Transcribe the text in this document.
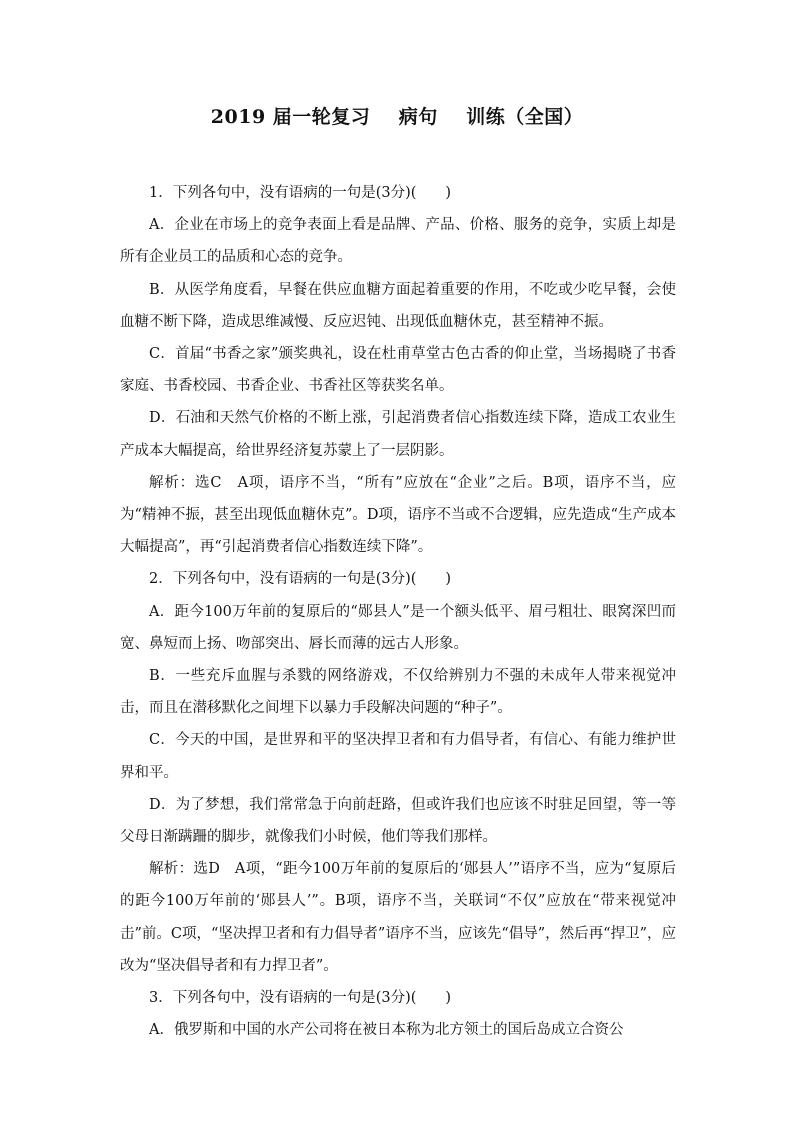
2019 届一轮复习    病句    训练（全国）

1．下列各句中，没有语病的一句是(3分)(　　)

A．企业在市场上的竞争表面上看是品牌、产品、价格、服务的竞争，实质上却是所有企业员工的品质和心态的竞争。

B．从医学角度看，早餐在供应血糖方面起着重要的作用，不吃或少吃早餐，会使血糖不断下降，造成思维减慢、反应迟钝、出现低血糖休克，甚至精神不振。

C．首届“书香之家”颁奖典礼，设在杜甫草堂古色古香的仰止堂，当场揭晓了书香家庭、书香校园、书香企业、书香社区等获奖名单。

D．石油和天然气价格的不断上涨，引起消费者信心指数连续下降，造成工农业生产成本大幅提高，给世界经济复苏蒙上了一层阴影。

解析：选C　A项，语序不当，“所有”应放在“企业”之后。B项，语序不当，应为“精神不振，甚至出现低血糖休克”。D项，语序不当或不合逻辑，应先造成“生产成本大幅提高”，再“引起消费者信心指数连续下降”。

2．下列各句中，没有语病的一句是(3分)(　　)

A．距今100万年前的复原后的“郧县人”是一个额头低平、眉弓粗壮、眼窝深凹而宽、鼻短而上扬、吻部突出、唇长而薄的远古人形象。

B．一些充斥血腥与杀戮的网络游戏，不仅给辨别力不强的未成年人带来视觉冲击，而且在潜移默化之间埋下以暴力手段解决问题的“种子”。

C．今天的中国，是世界和平的坚决捍卫者和有力倡导者，有信心、有能力维护世界和平。

D．为了梦想，我们常常急于向前赶路，但或许我们也应该不时驻足回望，等一等父母日渐蹒跚的脚步，就像我们小时候，他们等我们那样。

解析：选D　A项，“距今100万年前的复原后的‘郧县人’”语序不当，应为“复原后的距今100万年前的‘郧县人’”。B项，语序不当，关联词“不仅”应放在“带来视觉冲击”前。C项，“坚决捍卫者和有力倡导者”语序不当，应该先“倡导”，然后再“捍卫”，应改为“坚决倡导者和有力捍卫者”。

3．下列各句中，没有语病的一句是(3分)(　　)

A．俄罗斯和中国的水产公司将在被日本称为北方领土的国后岛成立合资公
